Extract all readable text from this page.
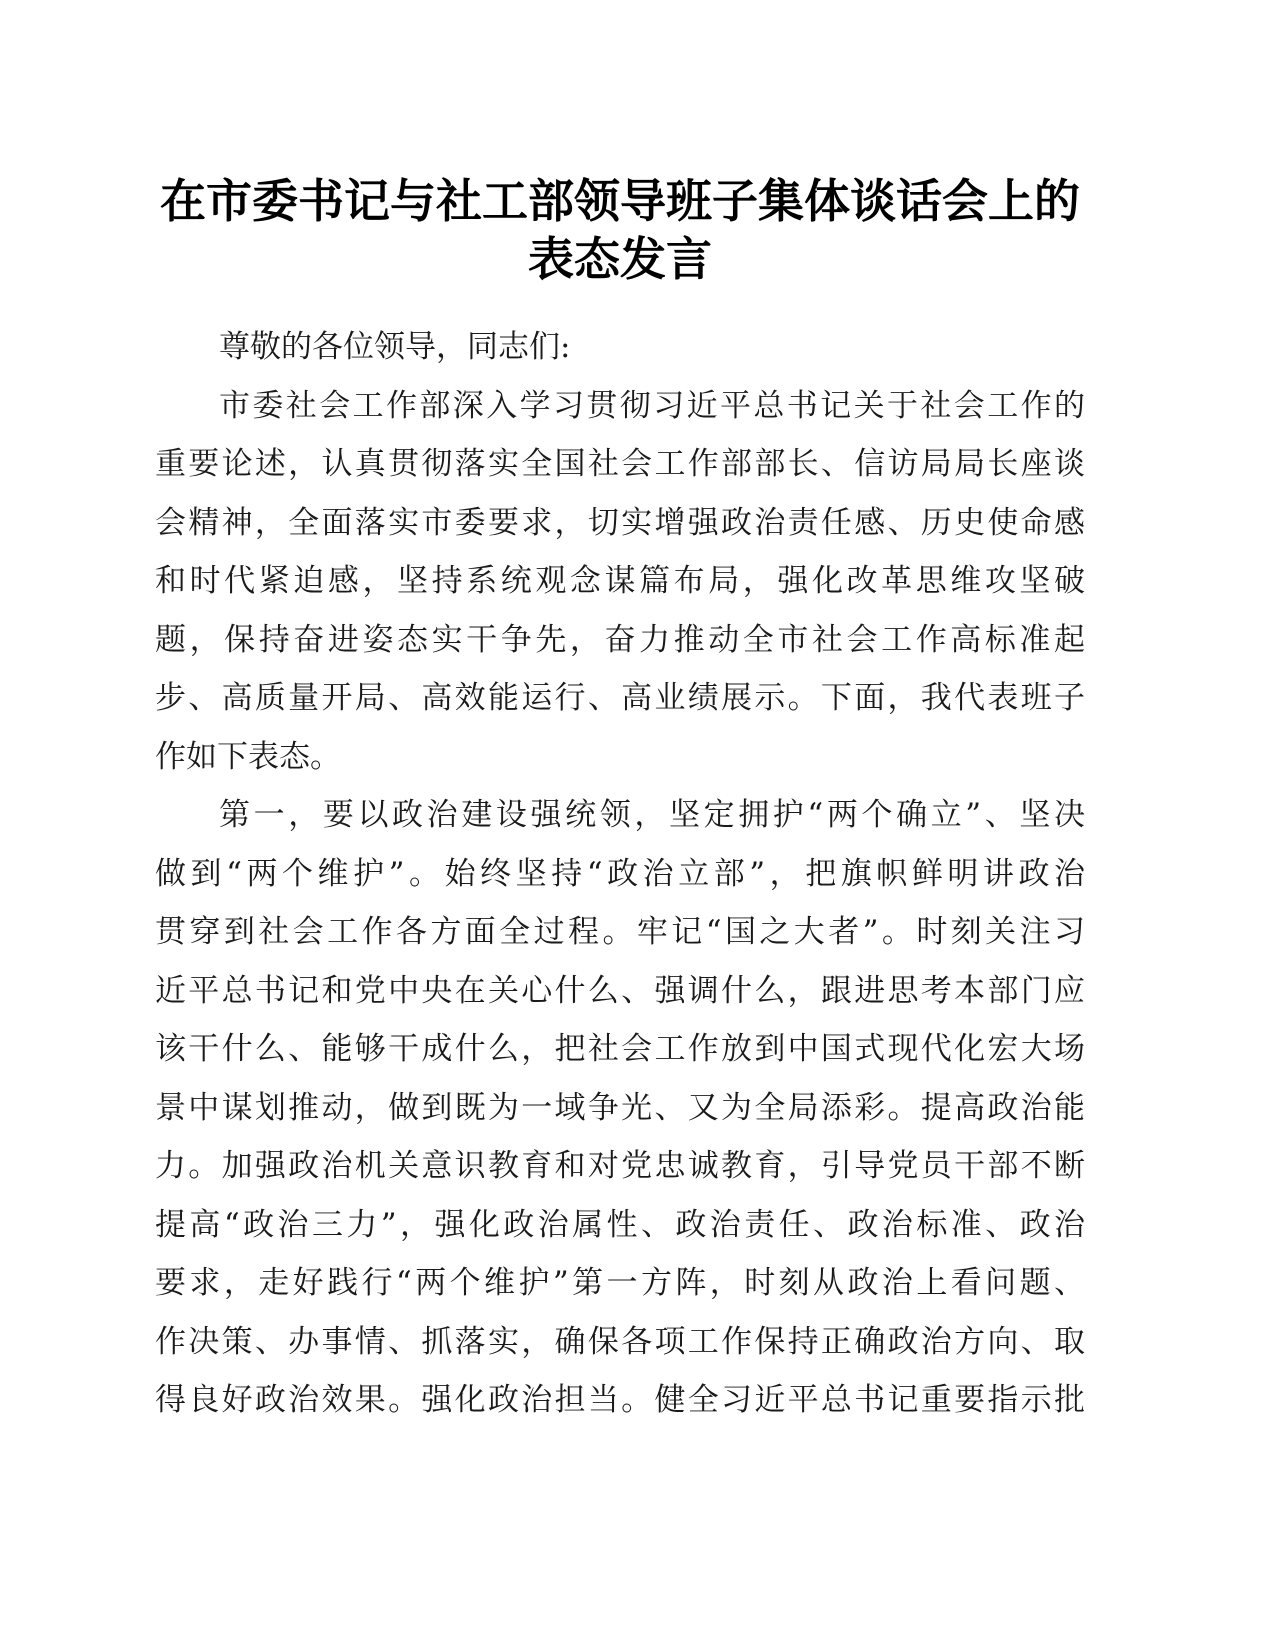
在市委书记与社工部领导班子集体谈话会上的
表态发言
尊敬的各位领导，同志们:
市委社会工作部深入学习贯彻习近平总书记关于社会工作的
重要论述，认真贯彻落实全国社会工作部部长、信访局局长座谈
会精神，全面落实市委要求，切实增强政治责任感、历史使命感
和时代紧迫感，坚持系统观念谋篇布局，强化改革思维攻坚破
题，保持奋进姿态实干争先，奋力推动全市社会工作高标准起
步、高质量开局、高效能运行、高业绩展示。下面，我代表班子
作如下表态。
第一，要以政治建设强统领，坚定拥护“两个确立”、坚决
做到“两个维护”。始终坚持“政治立部”，把旗帜鲜明讲政治
贯穿到社会工作各方面全过程。牢记“国之大者”。时刻关注习
近平总书记和党中央在关心什么、强调什么，跟进思考本部门应
该干什么、能够干成什么，把社会工作放到中国式现代化宏大场
景中谋划推动，做到既为一域争光、又为全局添彩。提高政治能
力。加强政治机关意识教育和对党忠诚教育，引导党员干部不断
提高“政治三力”，强化政治属性、政治责任、政治标准、政治
要求，走好践行“两个维护”第一方阵，时刻从政治上看问题、
作决策、办事情、抓落实，确保各项工作保持正确政治方向、取
得良好政治效果。强化政治担当。健全习近平总书记重要指示批
